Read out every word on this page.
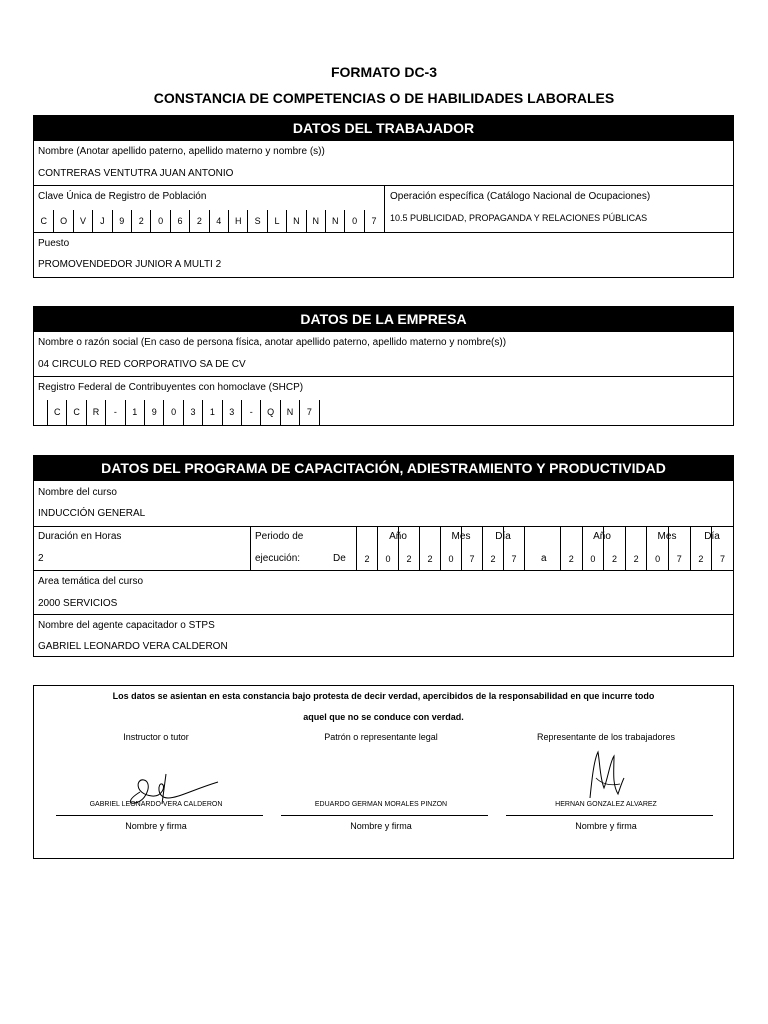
FORMATO DC-3
CONSTANCIA DE COMPETENCIAS O DE HABILIDADES LABORALES
DATOS DEL TRABAJADOR
Nombre (Anotar apellido paterno, apellido materno y nombre (s))
CONTRERAS VENTUTRA JUAN ANTONIO
Clave Única de Registro de Población
C	O	V	J	9	2	0	6	2	4	H	S	L	N	N	N	0	7
Operación específica (Catálogo Nacional de Ocupaciones)
10.5 PUBLICIDAD, PROPAGANDA Y RELACIONES PÚBLICAS
Puesto
PROMOVENDEDOR JUNIOR A MULTI 2
DATOS DE LA EMPRESA
Nombre o razón social (En caso de persona física, anotar apellido paterno, apellido materno y nombre(s))
04 CIRCULO RED CORPORATIVO SA DE CV
Registro Federal de Contribuyentes con homoclave (SHCP)
C	C	R	-	1	9	0	3	1	3	-	Q	N	7
DATOS DEL PROGRAMA DE CAPACITACIÓN, ADIESTRAMIENTO Y PRODUCTIVIDAD
Nombre del curso
INDUCCIÓN GENERAL
Duración en Horas
2
Periodo de
ejecución:	De	a
Año	Mes	Día	Año	Mes	Día
2	0	2	2	0	7	2	7	2	0	2	2	0	7	2	7
Area temática del curso
2000 SERVICIOS
Nombre del agente capacitador o STPS
GABRIEL LEONARDO VERA CALDERON
Los datos se asientan en esta constancia bajo protesta de decir verdad, apercibidos de la responsabilidad en que incurre todo
aquel que no se conduce con verdad.
Instructor o tutor	Patrón o representante legal	Representante de los trabajadores
GABRIEL LEONARDO VERA CALDERON	EDUARDO GERMAN MORALES PINZON	HERNAN GONZALEZ ALVAREZ
Nombre y firma	Nombre y firma	Nombre y firma
